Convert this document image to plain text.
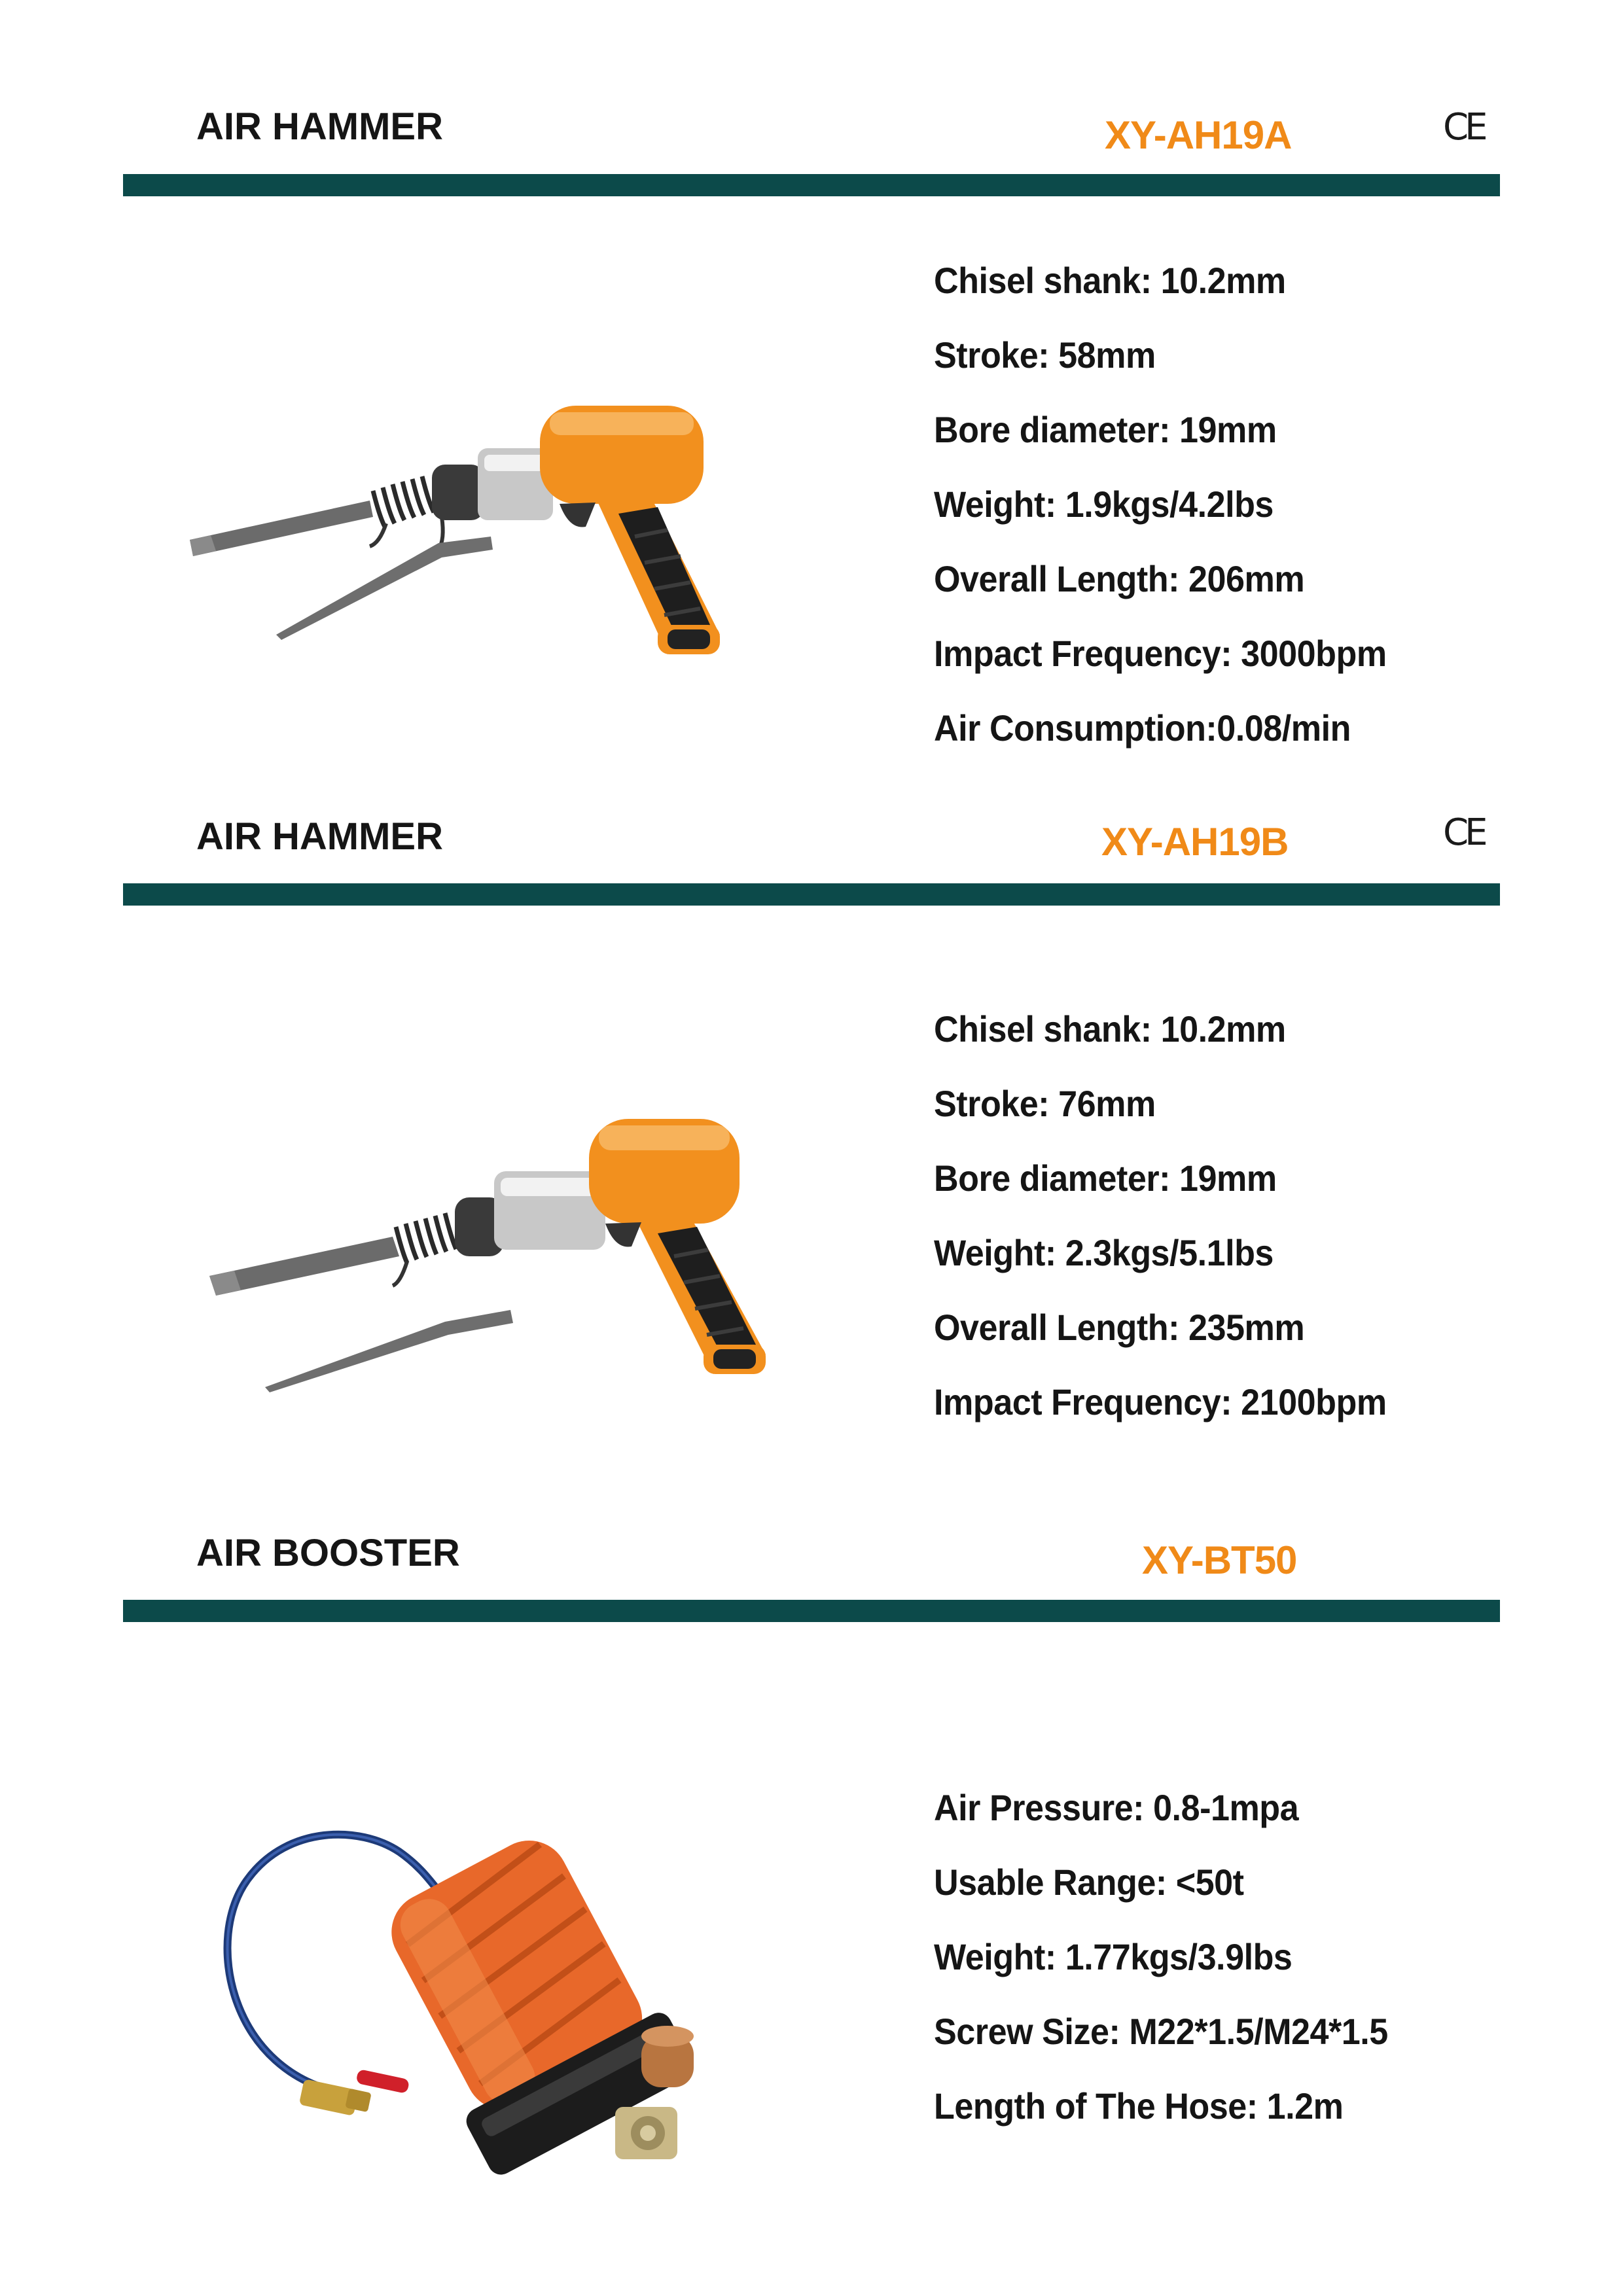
AIR HAMMER	XY-AH19A	CE
Chisel shank: 10.2mm
Stroke: 58mm
Bore diameter: 19mm
Weight: 1.9kgs/4.2lbs
Overall Length: 206mm
Impact Frequency: 3000bpm
Air Consumption:0.08/min
AIR HAMMER	XY-AH19B	CE
Chisel shank: 10.2mm
Stroke: 76mm
Bore diameter: 19mm
Weight: 2.3kgs/5.1lbs
Overall Length: 235mm
Impact Frequency: 2100bpm
AIR BOOSTER	XY-BT50
Air Pressure: 0.8-1mpa
Usable Range: <50t
Weight: 1.77kgs/3.9lbs
Screw Size: M22*1.5/M24*1.5
Length of The Hose: 1.2m
